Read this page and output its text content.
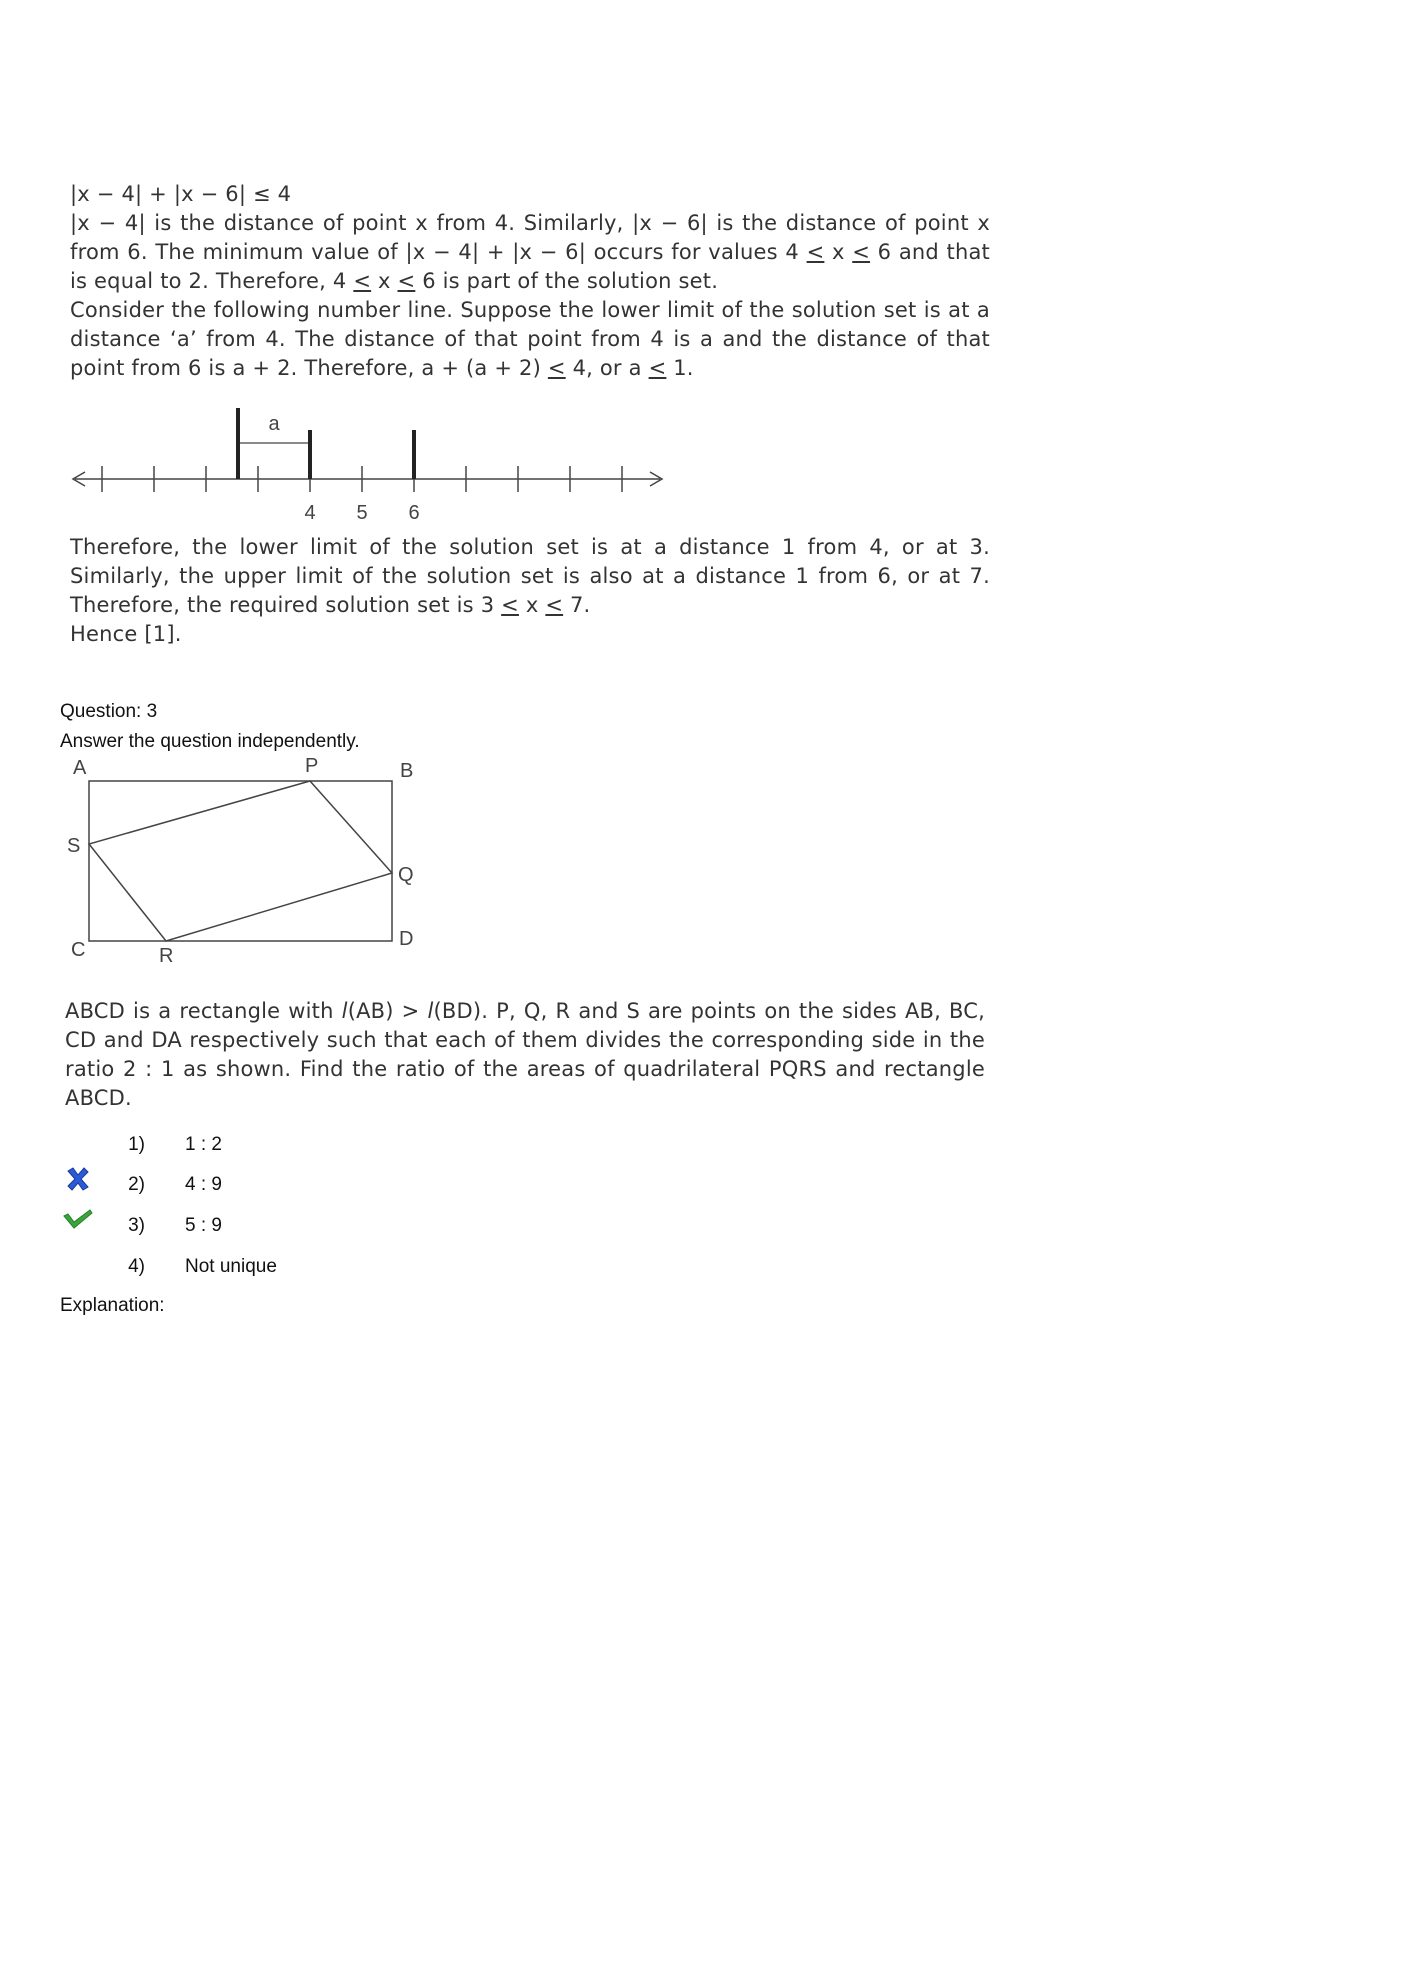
|x − 4| + |x − 6| ≤ 4

|x − 4| is the distance of point x from 4. Similarly, |x − 6| is the distance of point x from 6. The minimum value of |x − 4| + |x − 6| occurs for values 4 < x < 6 and that is equal to 2. Therefore, 4 < x < 6 is part of the solution set.

Consider the following number line. Suppose the lower limit of the solution set is at a distance ‘a’ from 4. The distance of that point from 4 is a and the distance of that point from 6 is a + 2. Therefore, a + (a + 2) < 4, or a < 1.

a
4 5 6

Therefore, the lower limit of the solution set is at a distance 1 from 4, or at 3. Similarly, the upper limit of the solution set is also at a distance 1 from 6, or at 7. Therefore, the required solution set is 3 < x < 7.

Hence [1].

Question: 3
Answer the question independently.
A	P	B
S
Q
C	R
D

ABCD is a rectangle with l(AB) > l(BD). P, Q, R and S are points on the sides AB, BC, CD and DA respectively such that each of them divides the corresponding side in the ratio 2 : 1 as shown. Find the ratio of the areas of quadrilateral PQRS and rectangle ABCD.

1) 1 : 2
2) 4 : 9
3) 5 : 9
4) Not unique
Explanation:
